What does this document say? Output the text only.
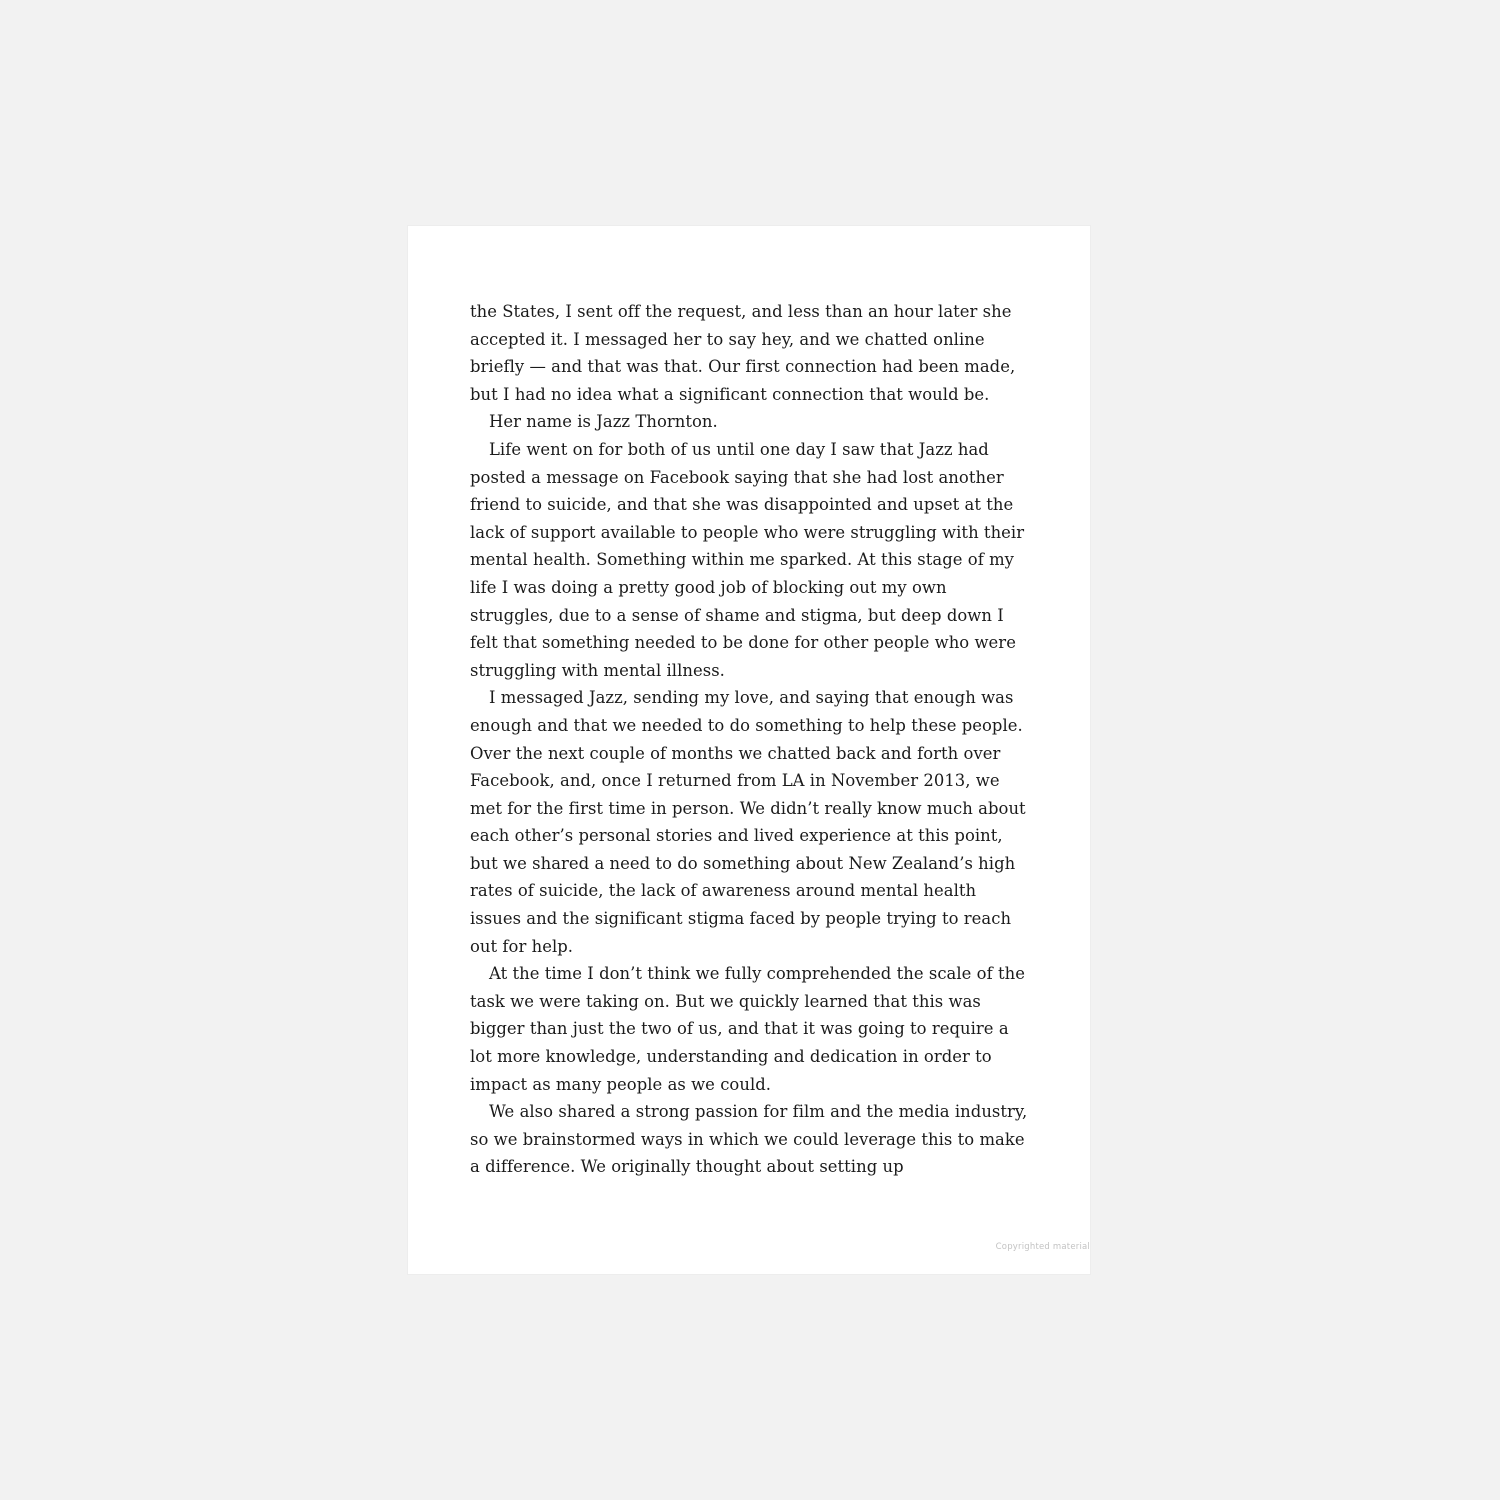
the States, I sent off the request, and less than an hour later she accepted it. I messaged her to say hey, and we chatted online briefly — and that was that. Our first connection had been made, but I had no idea what a significant connection that would be.

Her name is Jazz Thornton.

Life went on for both of us until one day I saw that Jazz had posted a message on Facebook saying that she had lost another friend to suicide, and that she was disappointed and upset at the lack of support available to people who were struggling with their mental health. Something within me sparked. At this stage of my life I was doing a pretty good job of blocking out my own struggles, due to a sense of shame and stigma, but deep down I felt that something needed to be done for other people who were struggling with mental illness.

I messaged Jazz, sending my love, and saying that enough was enough and that we needed to do something to help these people. Over the next couple of months we chatted back and forth over Facebook, and, once I returned from LA in November 2013, we met for the first time in person. We didn’t really know much about each other’s personal stories and lived experience at this point, but we shared a need to do something about New Zealand’s high rates of suicide, the lack of awareness around mental health issues and the significant stigma faced by people trying to reach out for help.

At the time I don’t think we fully comprehended the scale of the task we were taking on. But we quickly learned that this was bigger than just the two of us, and that it was going to require a lot more knowledge, understanding and dedication in order to impact as many people as we could.

We also shared a strong passion for film and the media industry, so we brainstormed ways in which we could leverage this to make a difference. We originally thought about setting up

Copyrighted material
